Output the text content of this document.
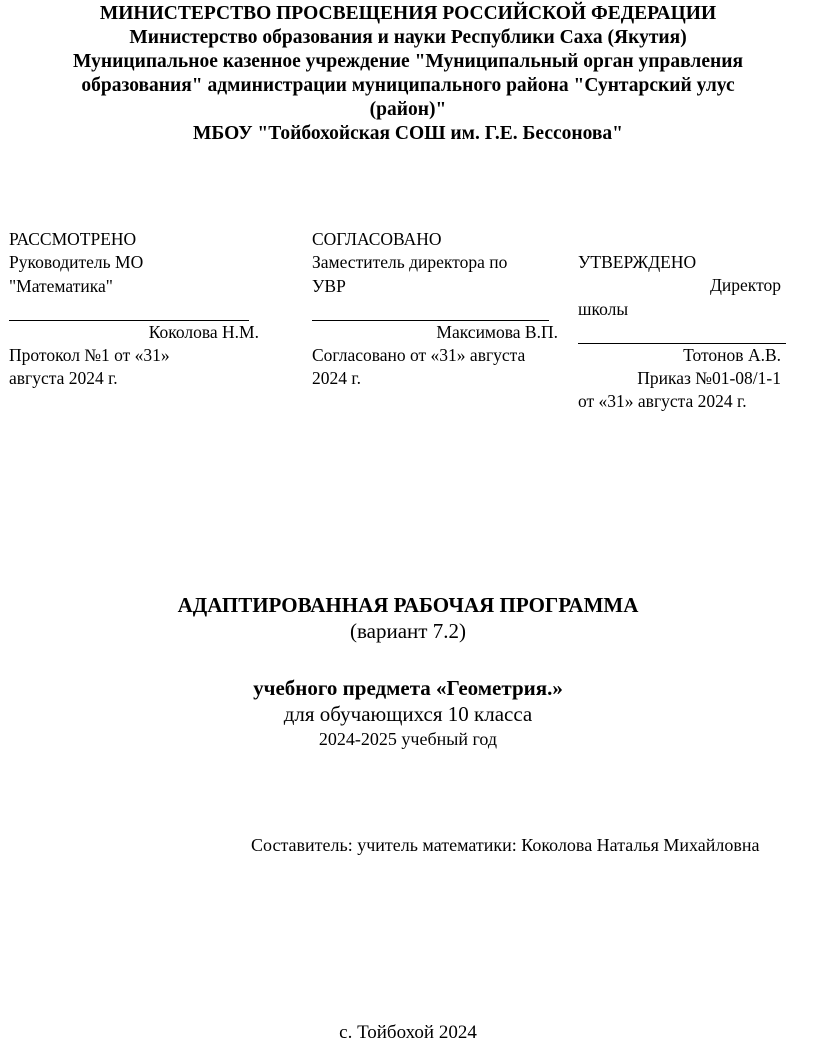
МИНИСТЕРСТВО ПРОСВЕЩЕНИЯ РОССИЙСКОЙ ФЕДЕРАЦИИ
Министерство образования и науки Республики Саха (Якутия)
Муниципальное казенное учреждение "Муниципальный орган управления
образования" администрации муниципального района "Сунтарский улус
(район)"
МБОУ "Тойбохойская СОШ им. Г.Е. Бессонова"
РАССМОТРЕНО
Руководитель МО
"Математика"
Коколова Н.М.
Протокол №1 от «31»
августа 2024 г.
СОГЛАСОВАНО
Заместитель директора по
УВР
Максимова В.П.
Согласовано от «31» августа
2024 г.
УТВЕРЖДЕНО
Директор
школы
Тотонов А.В.
Приказ №01-08/1-1
от «31» августа 2024 г.
АДАПТИРОВАННАЯ РАБОЧАЯ ПРОГРАММА
(вариант 7.2)
учебного предмета «Геометрия.»
для обучающихся 10 класса
2024-2025 учебный год
Составитель: учитель математики: Коколова Наталья Михайловна
с. Тойбохой 2024
